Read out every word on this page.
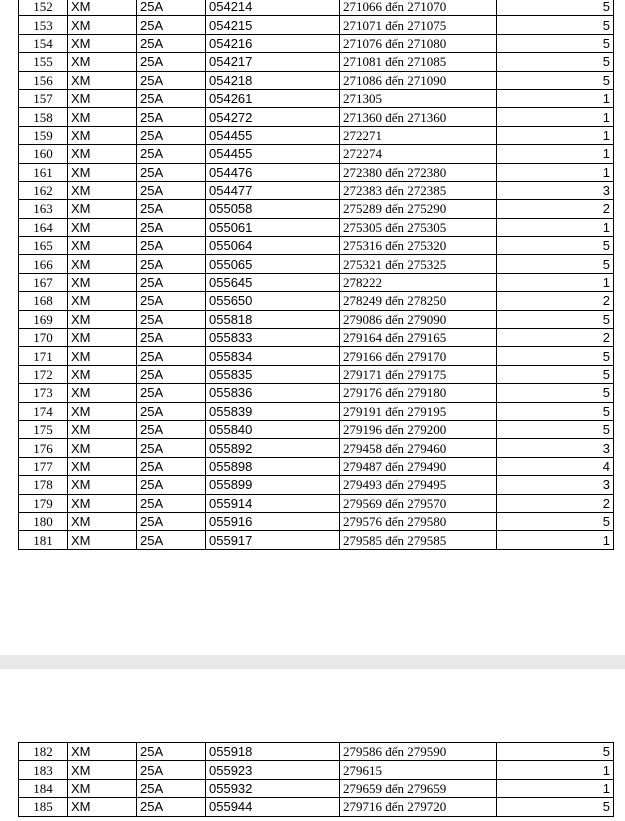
152	XM	25A	054214	271066 đến 271070	5
153	XM	25A	054215	271071 đến 271075	5
154	XM	25A	054216	271076 đến 271080	5
155	XM	25A	054217	271081 đến 271085	5
156	XM	25A	054218	271086 đến 271090	5
157	XM	25A	054261	271305	1
158	XM	25A	054272	271360 đến 271360	1
159	XM	25A	054455	272271	1
160	XM	25A	054455	272274	1
161	XM	25A	054476	272380 đến 272380	1
162	XM	25A	054477	272383 đến 272385	3
163	XM	25A	055058	275289 đến 275290	2
164	XM	25A	055061	275305 đến 275305	1
165	XM	25A	055064	275316 đến 275320	5
166	XM	25A	055065	275321 đến 275325	5
167	XM	25A	055645	278222	1
168	XM	25A	055650	278249 đến 278250	2
169	XM	25A	055818	279086 đến 279090	5
170	XM	25A	055833	279164 đến 279165	2
171	XM	25A	055834	279166 đến 279170	5
172	XM	25A	055835	279171 đến 279175	5
173	XM	25A	055836	279176 đến 279180	5
174	XM	25A	055839	279191 đến 279195	5
175	XM	25A	055840	279196 đến 279200	5
176	XM	25A	055892	279458 đến 279460	3
177	XM	25A	055898	279487 đến 279490	4
178	XM	25A	055899	279493 đến 279495	3
179	XM	25A	055914	279569 đến 279570	2
180	XM	25A	055916	279576 đến 279580	5
181	XM	25A	055917	279585 đến 279585	1
182	XM	25A	055918	279586 đến 279590	5
183	XM	25A	055923	279615	1
184	XM	25A	055932	279659 đến 279659	1
185	XM	25A	055944	279716 đến 279720	5
